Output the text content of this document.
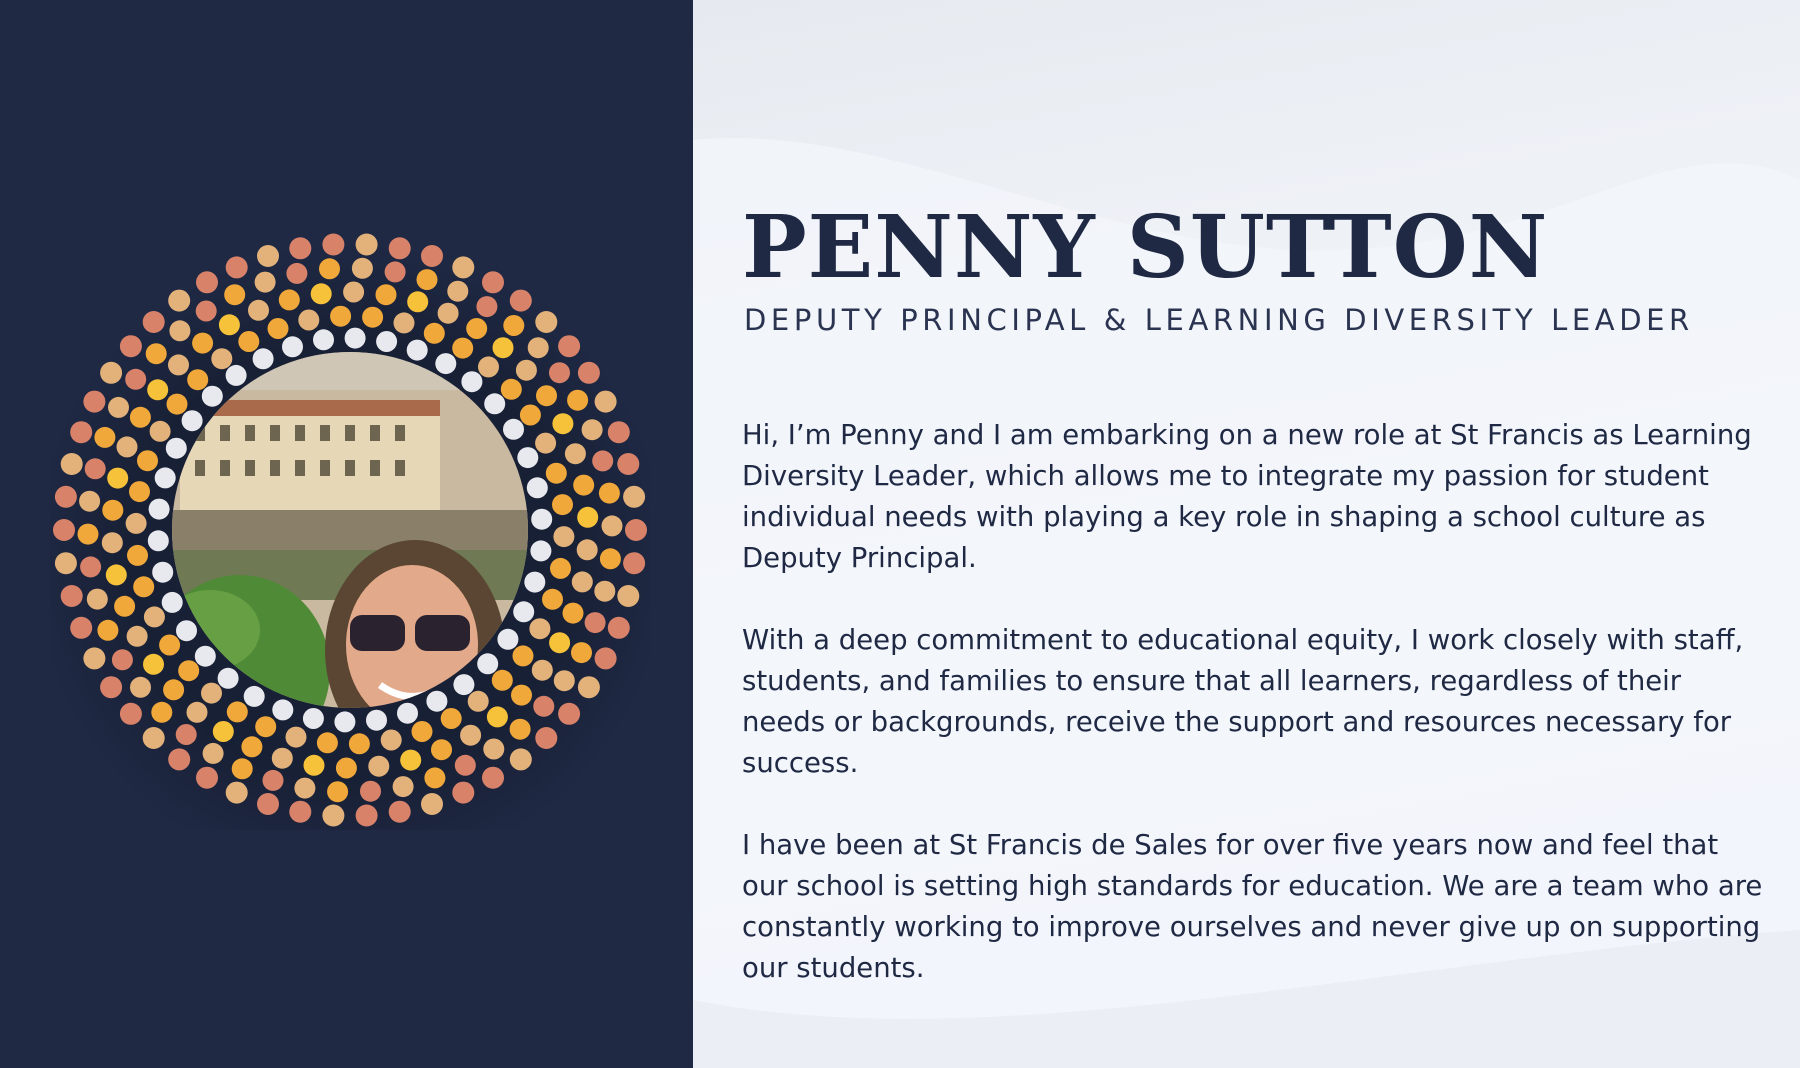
PENNY SUTTON
DEPUTY PRINCIPAL & LEARNING DIVERSITY LEADER

Hi, I’m Penny and I am embarking on a new role at St Francis as Learning Diversity Leader, which allows me to integrate my passion for student individual needs with playing a key role in shaping a school culture as Deputy Principal.

With a deep commitment to educational equity, I work closely with staff, students, and families to ensure that all learners, regardless of their needs or backgrounds, receive the support and resources necessary for success.

I have been at St Francis de Sales for over five years now and feel that our school is setting high standards for education. We are a team who are constantly working to improve ourselves and never give up on supporting our students.
